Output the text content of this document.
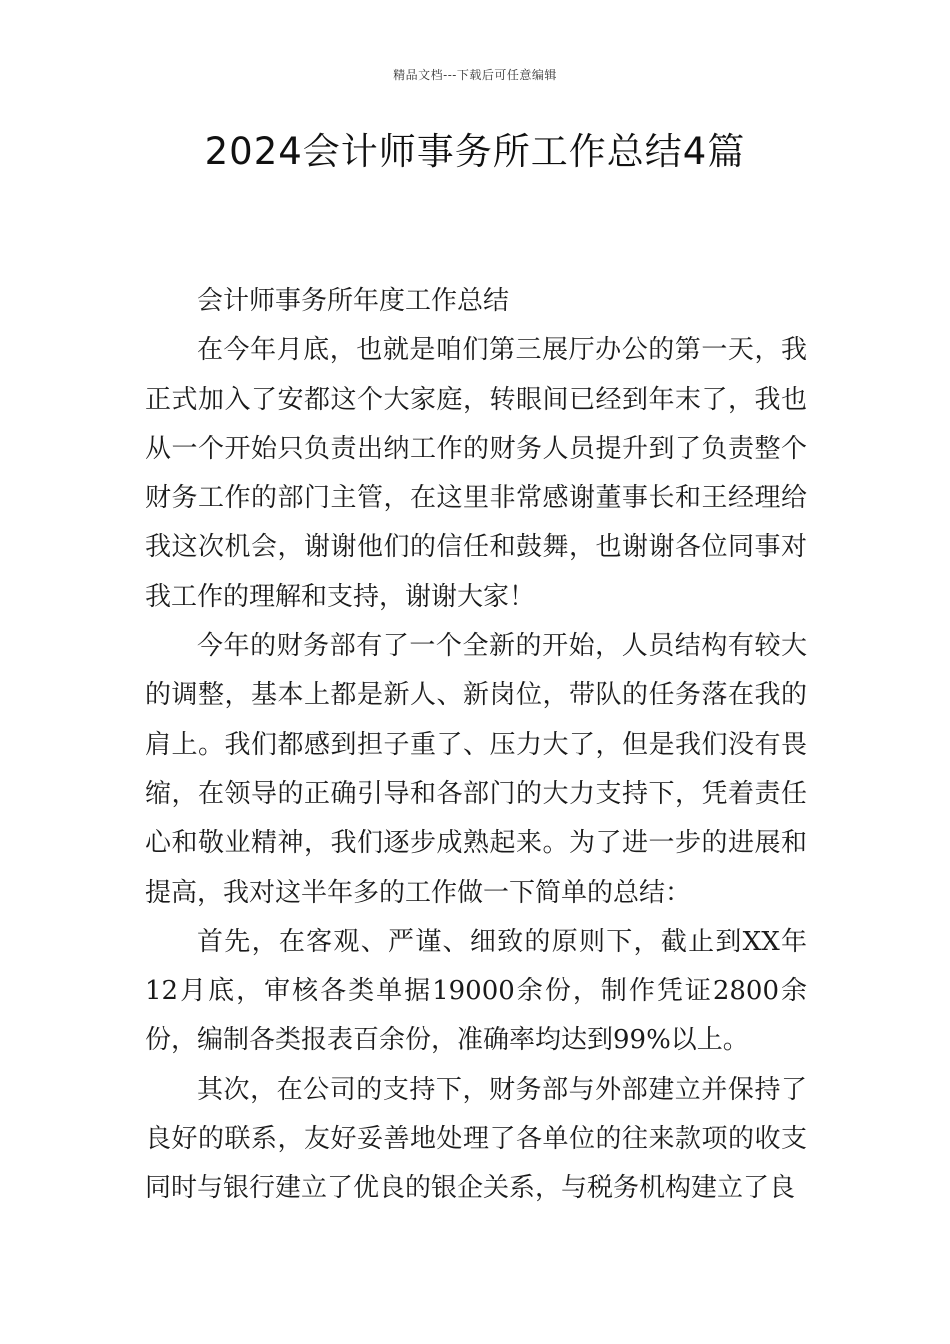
精品文档---下载后可任意编辑
2024会计师事务所工作总结4篇

会计师事务所年度工作总结

在今年月底，也就是咱们第三展厅办公的第一天，我正式加入了安都这个大家庭，转眼间已经到年末了，我也从一个开始只负责出纳工作的财务人员提升到了负责整个财务工作的部门主管，在这里非常感谢董事长和王经理给我这次机会，谢谢他们的信任和鼓舞，也谢谢各位同事对我工作的理解和支持，谢谢大家！

今年的财务部有了一个全新的开始，人员结构有较大的调整，基本上都是新人、新岗位，带队的任务落在我的肩上。我们都感到担子重了、压力大了，但是我们没有畏缩，在领导的正确引导和各部门的大力支持下，凭着责任心和敬业精神，我们逐步成熟起来。为了进一步的进展和提高，我对这半年多的工作做一下简单的总结：

首先，在客观、严谨、细致的原则下，截止到XX年12月底，审核各类单据19000余份，制作凭证2800余份，编制各类报表百余份，准确率均达到99%以上。

其次，在公司的支持下，财务部与外部建立并保持了良好的联系，友好妥善地处理了各单位的往来款项的收支同时与银行建立了优良的银企关系，与税务机构建立了良
